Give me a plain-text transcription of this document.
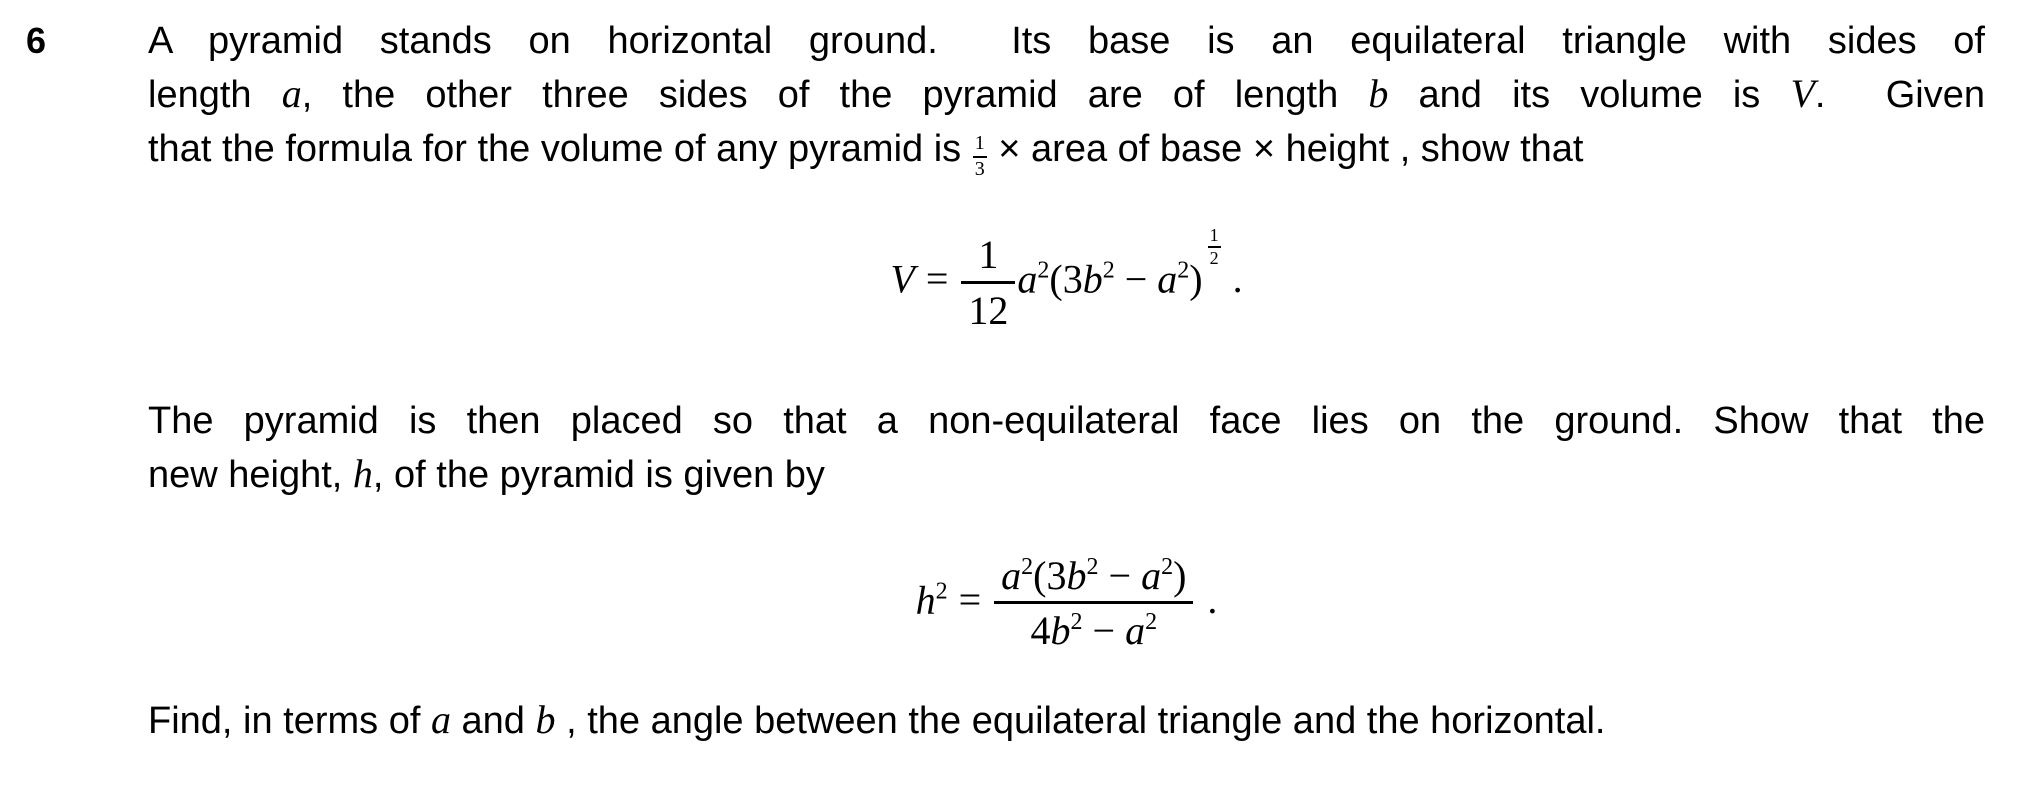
6	A pyramid stands on horizontal ground.  Its base is an equilateral triangle with sides of
length a, the other three sides of the pyramid are of length b and its volume is V.  Given
that the formula for the volume of any pyramid is $\frac{1}{3}$ × area of base × height , show that
$V = \frac{1}{12} a^2(3b^2 - a^2)$
$\frac{1}{2}$
.
The pyramid is then placed so that a non-equilateral face lies on the ground. Show that the
new height, h, of the pyramid is given by
$h^2 = \frac{a^2(3b^2 - a^2)}{4b^2 - a^2}$ .
Find, in terms of a and b , the angle between the equilateral triangle and the horizontal.
